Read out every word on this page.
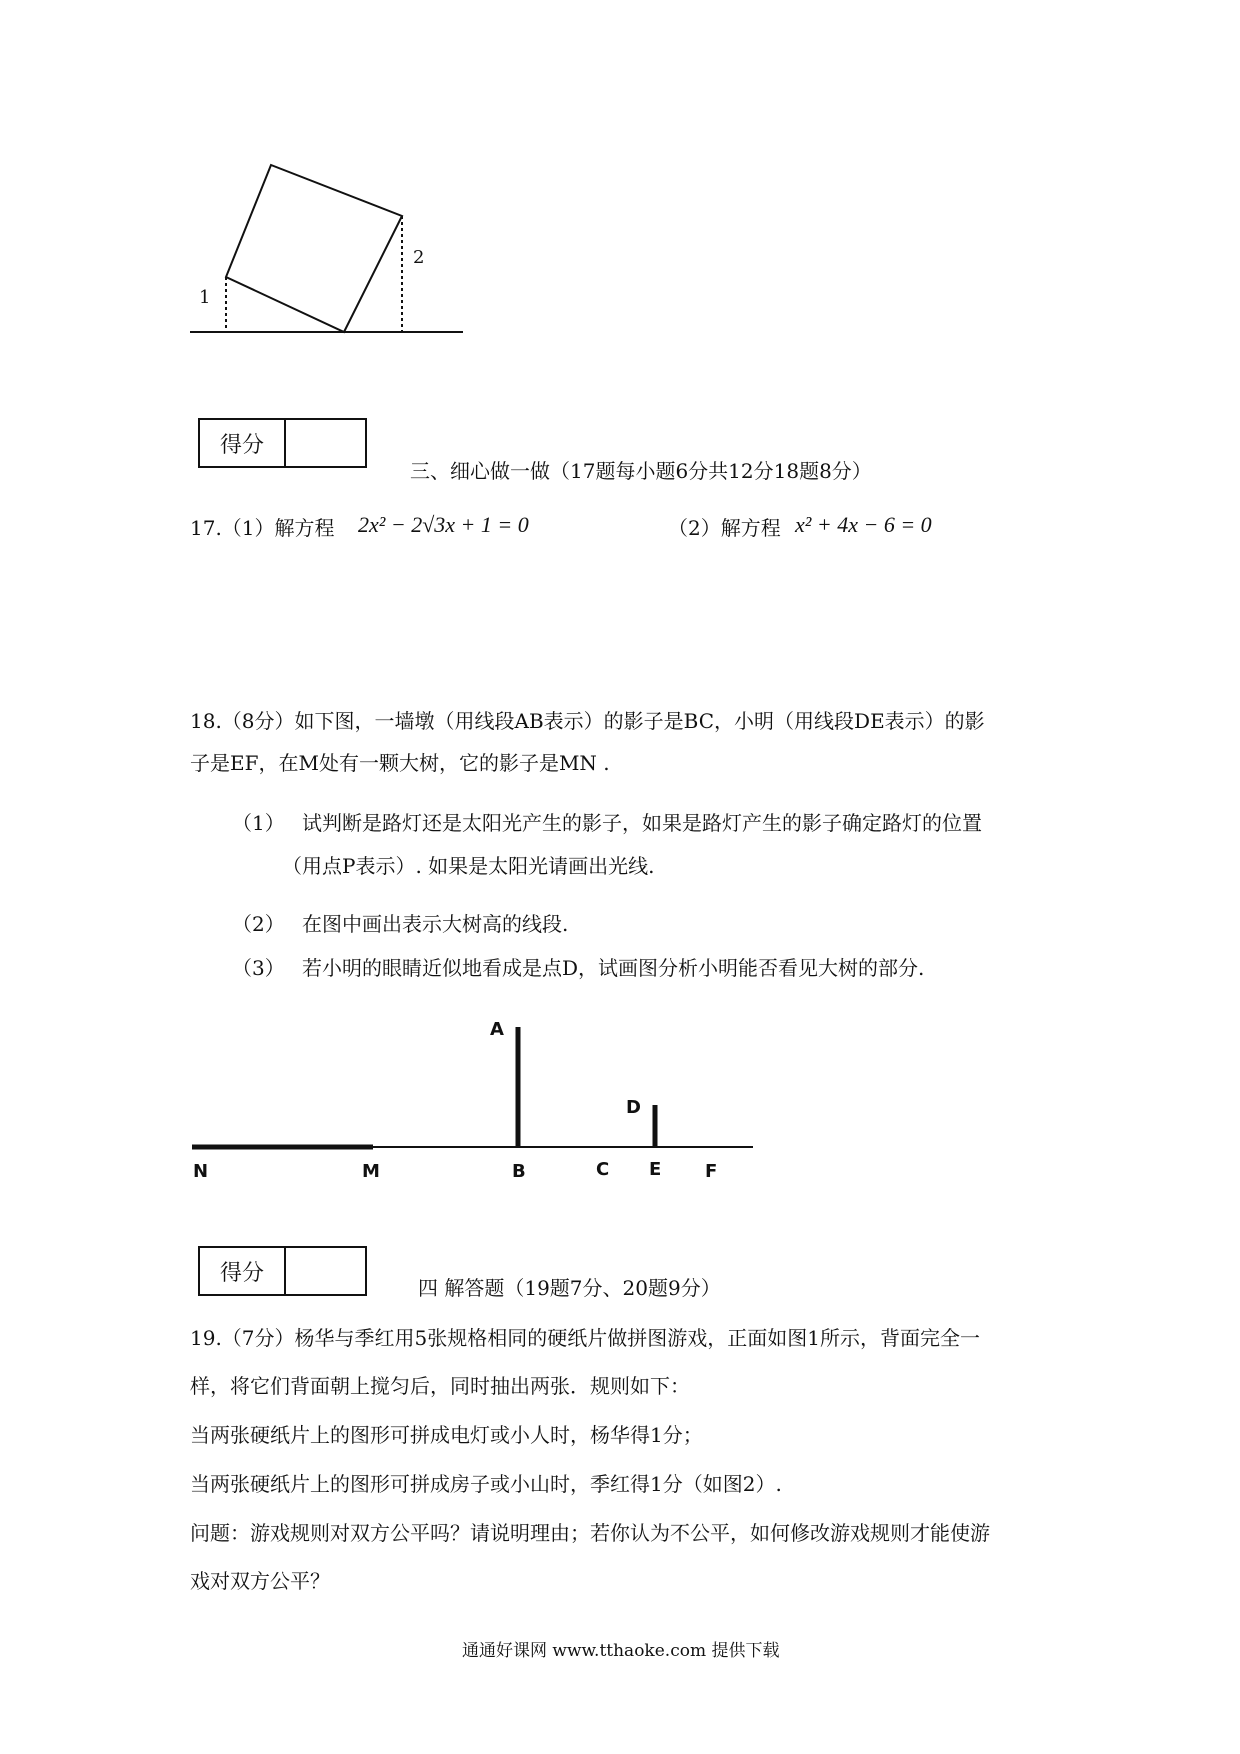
1
2
得分
三、细心做一做（17题每小题6分共12分18题8分）
17.（1）解方程 2x² − 2√3x + 1 = 0	（2）解方程 x² + 4x − 6 = 0
18.（8分）如下图，一墙墩（用线段AB表示）的影子是BC，小明（用线段DE表示）的影
子是EF，在M处有一颗大树，它的影子是MN .
（1） 试判断是路灯还是太阳光产生的影子，如果是路灯产生的影子确定路灯的位置
（用点P表示）. 如果是太阳光请画出光线.
（2） 在图中画出表示大树高的线段.
（3） 若小明的眼睛近似地看成是点D，试画图分析小明能否看见大树的部分.
A
D
N	M	B	C E F
得分
四 解答题（19题7分、20题9分）
19.（7分）杨华与季红用5张规格相同的硬纸片做拼图游戏，正面如图1所示，背面完全一
样，将它们背面朝上搅匀后，同时抽出两张．规则如下：
当两张硬纸片上的图形可拼成电灯或小人时，杨华得1分；
当两张硬纸片上的图形可拼成房子或小山时，季红得1分（如图2）.
问题：游戏规则对双方公平吗？请说明理由；若你认为不公平，如何修改游戏规则才能使游
戏对双方公平？
通通好课网 www.tthaoke.com 提供下载
